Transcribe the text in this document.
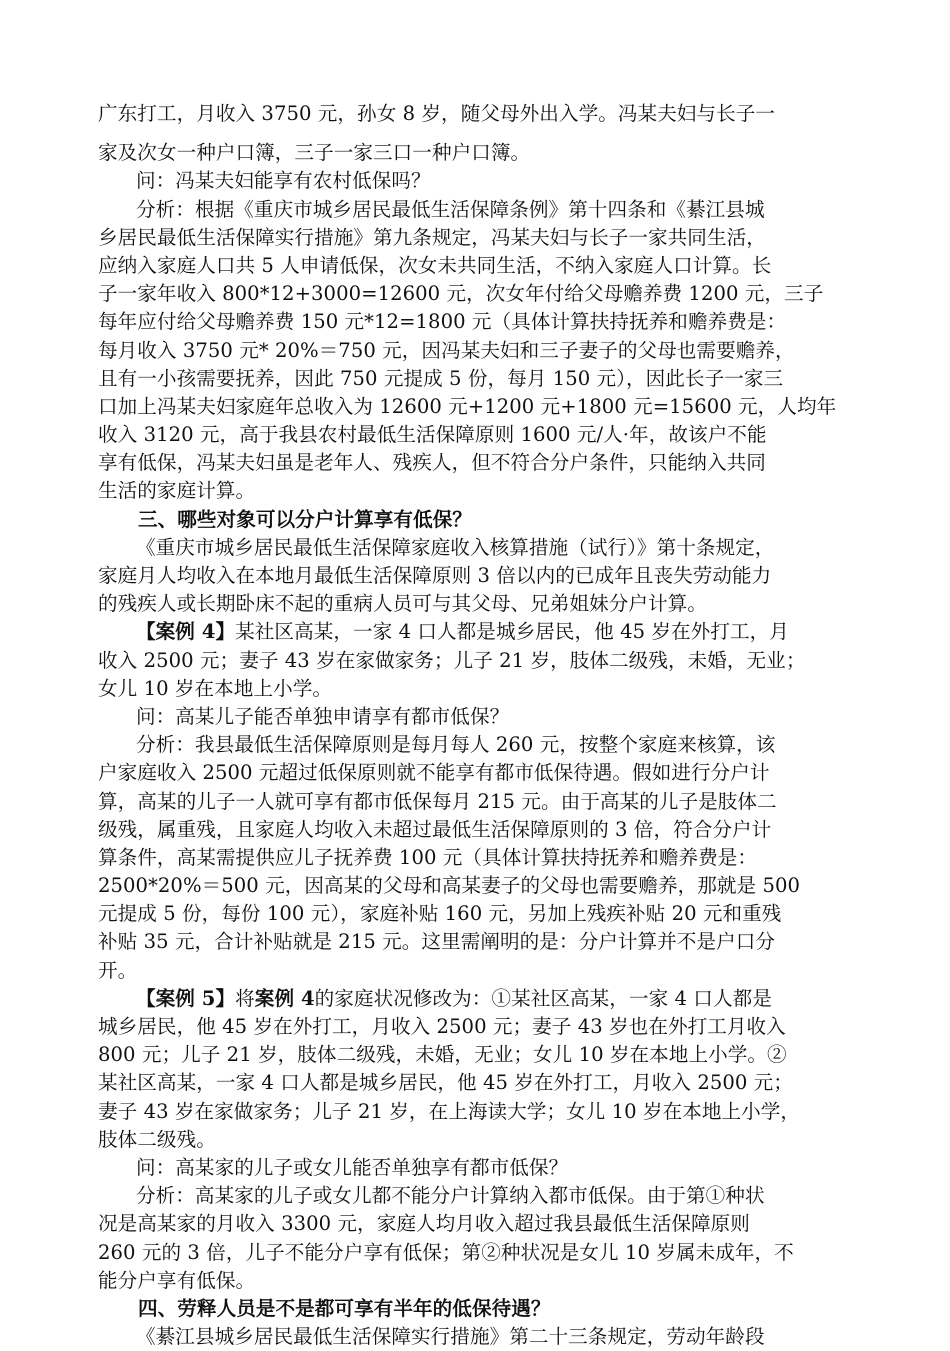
广东打工，月收入 3750 元，孙女 8 岁，随父母外出入学。冯某夫妇与长子一
家及次女一种户口簿，三子一家三口一种户口簿。
问：冯某夫妇能享有农村低保吗？
分析：根据《重庆市城乡居民最低生活保障条例》第十四条和《綦江县城
乡居民最低生活保障实行措施》第九条规定，冯某夫妇与长子一家共同生活，
应纳入家庭人口共 5 人申请低保，次女未共同生活，不纳入家庭人口计算。长
子一家年收入 800*12+3000=12600 元，次女年付给父母赡养费 1200 元，三子
每年应付给父母赡养费 150 元*12=1800 元（具体计算扶持抚养和赡养费是：
每月收入 3750 元* 20%＝750 元，因冯某夫妇和三子妻子的父母也需要赡养，
且有一小孩需要抚养，因此 750 元提成 5 份，每月 150 元），因此长子一家三
口加上冯某夫妇家庭年总收入为 12600 元+1200 元+1800 元=15600 元，人均年
收入 3120 元，高于我县农村最低生活保障原则 1600 元/人·年，故该户不能
享有低保，冯某夫妇虽是老年人、残疾人，但不符合分户条件，只能纳入共同
生活的家庭计算。
三、哪些对象可以分户计算享有低保？
《重庆市城乡居民最低生活保障家庭收入核算措施（试行）》第十条规定，
家庭月人均收入在本地月最低生活保障原则 3 倍以内的已成年且丧失劳动能力
的残疾人或长期卧床不起的重病人员可与其父母、兄弟姐妹分户计算。
【案例 4】某社区高某，一家 4 口人都是城乡居民，他 45 岁在外打工，月
收入 2500 元；妻子 43 岁在家做家务；儿子 21 岁，肢体二级残，未婚，无业；
女儿 10 岁在本地上小学。
问：高某儿子能否单独申请享有都市低保？
分析：我县最低生活保障原则是每月每人 260 元，按整个家庭来核算，该
户家庭收入 2500 元超过低保原则就不能享有都市低保待遇。假如进行分户计
算，高某的儿子一人就可享有都市低保每月 215 元。由于高某的儿子是肢体二
级残，属重残，且家庭人均收入未超过最低生活保障原则的 3 倍，符合分户计
算条件，高某需提供应儿子抚养费 100 元（具体计算扶持抚养和赡养费是：
2500*20%＝500 元，因高某的父母和高某妻子的父母也需要赡养，那就是 500
元提成 5 份，每份 100 元），家庭补贴 160 元，另加上残疾补贴 20 元和重残
补贴 35 元，合计补贴就是 215 元。这里需阐明的是：分户计算并不是户口分
开。
【案例 5】将案例 4的家庭状况修改为：①某社区高某，一家 4 口人都是
城乡居民，他 45 岁在外打工，月收入 2500 元；妻子 43 岁也在外打工月收入
800 元；儿子 21 岁，肢体二级残，未婚，无业；女儿 10 岁在本地上小学。②
某社区高某，一家 4 口人都是城乡居民，他 45 岁在外打工，月收入 2500 元；
妻子 43 岁在家做家务；儿子 21 岁，在上海读大学；女儿 10 岁在本地上小学，
肢体二级残。
问：高某家的儿子或女儿能否单独享有都市低保？
分析：高某家的儿子或女儿都不能分户计算纳入都市低保。由于第①种状
况是高某家的月收入 3300 元，家庭人均月收入超过我县最低生活保障原则
260 元的 3 倍，儿子不能分户享有低保；第②种状况是女儿 10 岁属未成年，不
能分户享有低保。
四、劳释人员是不是都可享有半年的低保待遇？
《綦江县城乡居民最低生活保障实行措施》第二十三条规定，劳动年龄段
